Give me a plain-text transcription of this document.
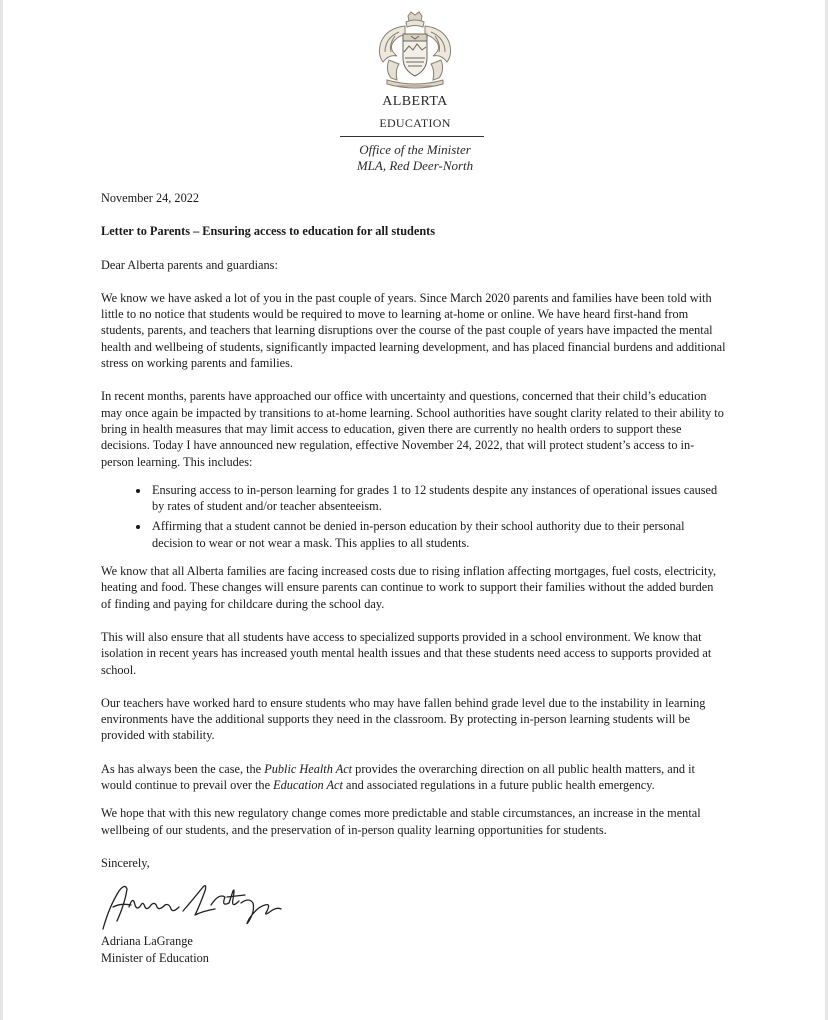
ALBERTA
EDUCATION
Office of the Minister
MLA, Red Deer-North

November 24, 2022

Letter to Parents – Ensuring access to education for all students

Dear Alberta parents and guardians:

We know we have asked a lot of you in the past couple of years. Since March 2020 parents and families have been told with little to no notice that students would be required to move to learning at-home or online. We have heard first-hand from students, parents, and teachers that learning disruptions over the course of the past couple of years have impacted the mental health and wellbeing of students, significantly impacted learning development, and has placed financial burdens and additional stress on working parents and families.

In recent months, parents have approached our office with uncertainty and questions, concerned that their child’s education may once again be impacted by transitions to at-home learning. School authorities have sought clarity related to their ability to bring in health measures that may limit access to education, given there are currently no health orders to support these decisions. Today I have announced new regulation, effective November 24, 2022, that will protect student’s access to in-person learning. This includes:

• Ensuring access to in-person learning for grades 1 to 12 students despite any instances of operational issues caused by rates of student and/or teacher absenteeism.
• Affirming that a student cannot be denied in-person education by their school authority due to their personal decision to wear or not wear a mask. This applies to all students.

We know that all Alberta families are facing increased costs due to rising inflation affecting mortgages, fuel costs, electricity, heating and food. These changes will ensure parents can continue to work to support their families without the added burden of finding and paying for childcare during the school day.

This will also ensure that all students have access to specialized supports provided in a school environment. We know that isolation in recent years has increased youth mental health issues and that these students need access to supports provided at school.

Our teachers have worked hard to ensure students who may have fallen behind grade level due to the instability in learning environments have the additional supports they need in the classroom. By protecting in-person learning students will be provided with stability.

As has always been the case, the Public Health Act provides the overarching direction on all public health matters, and it would continue to prevail over the Education Act and associated regulations in a future public health emergency.

We hope that with this new regulatory change comes more predictable and stable circumstances, an increase in the mental wellbeing of our students, and the preservation of in-person quality learning opportunities for students.

Sincerely,

Adriana LaGrange

Minister of Education
